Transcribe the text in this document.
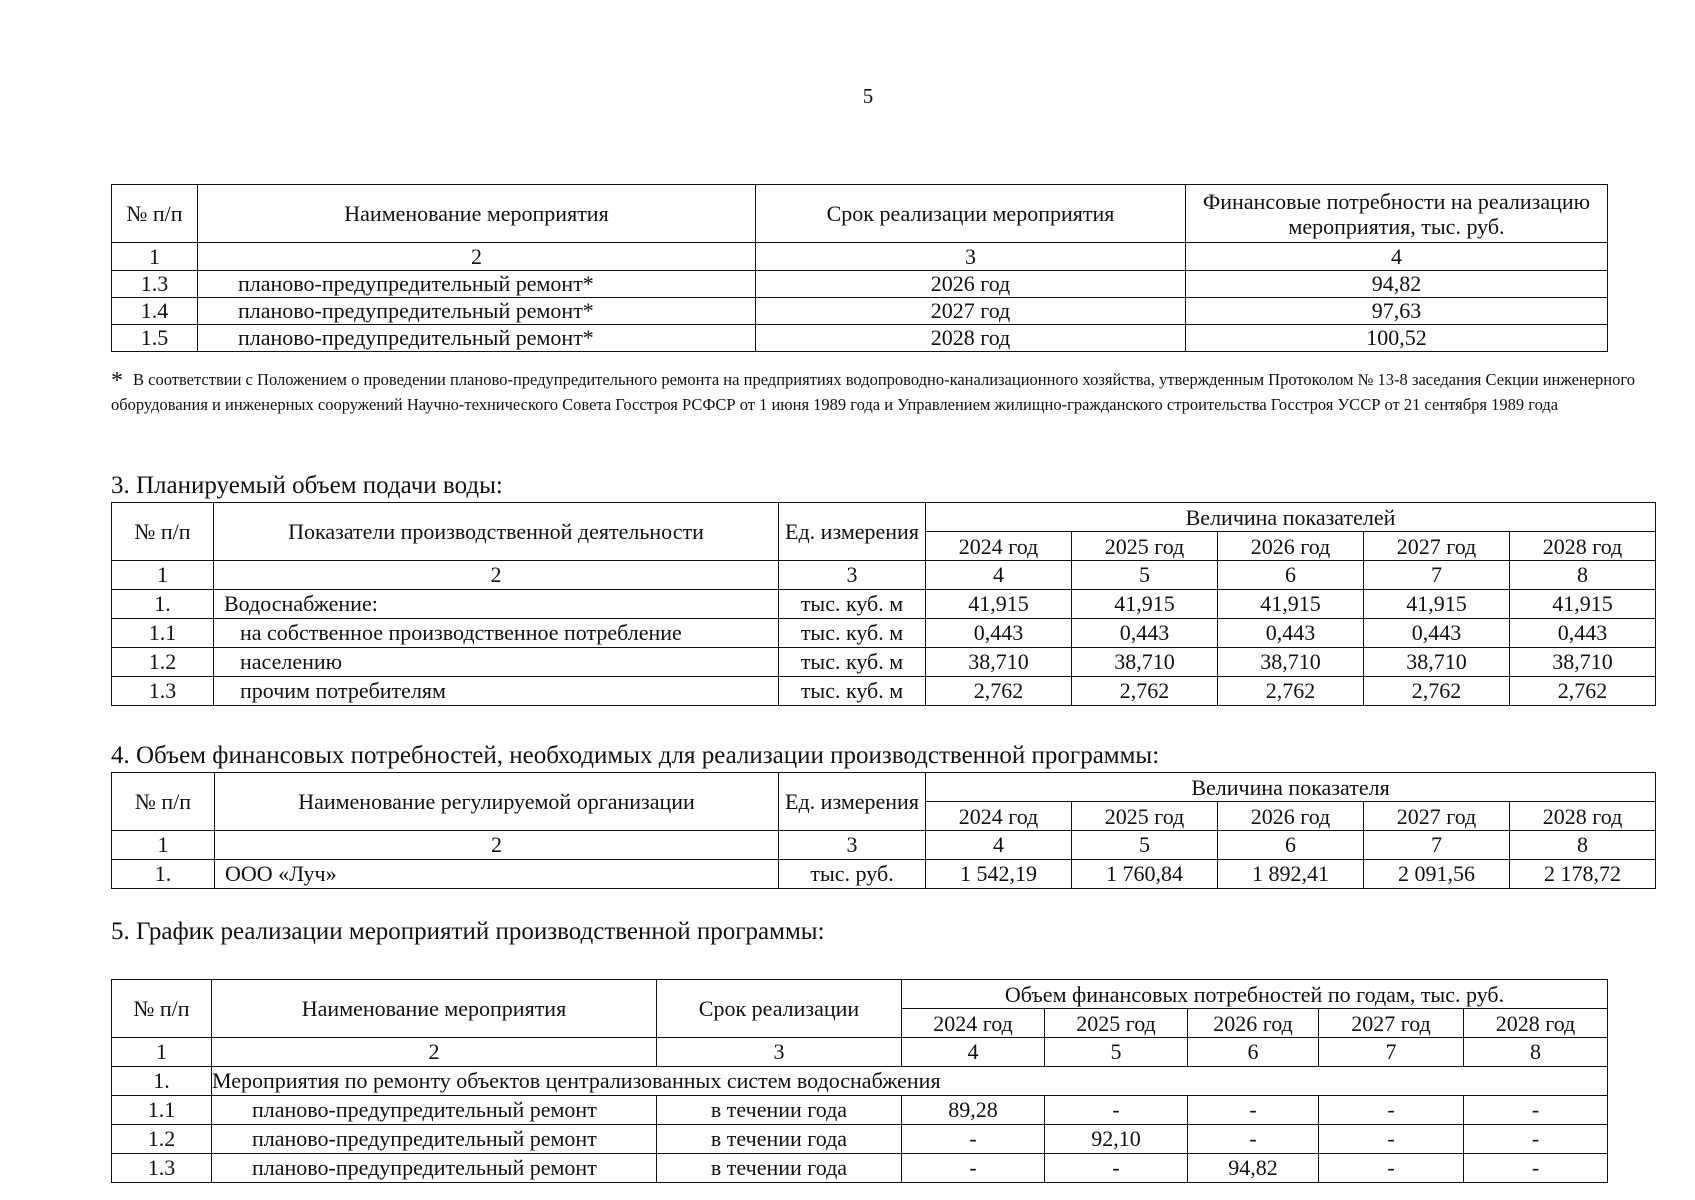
5
№ п/п	Наименование мероприятия	Срок реализации мероприятия	Финансовые потребности на реализацию мероприятия, тыс. руб.
1	2	3	4
1.3	планово-предупредительный ремонт*	2026 год	94,82
1.4	планово-предупредительный ремонт*	2027 год	97,63
1.5	планово-предупредительный ремонт*	2028 год	100,52
* В соответствии с Положением о проведении планово-предупредительного ремонта на предприятиях водопроводно-канализационного хозяйства, утвержденным Протоколом № 13-8 заседания Секции инженерного оборудования и инженерных сооружений Научно-технического Совета Госстроя РСФСР от 1 июня 1989 года и Управлением жилищно-гражданского строительства Госстроя УССР от 21 сентября 1989 года
3. Планируемый объем подачи воды:
№ п/п	Показатели производственной деятельности	Ед. измерения	Величина показателей				
			2024 год	2025 год	2026 год	2027 год	2028 год
1	2	3	4	5	6	7	8
1.	Водоснабжение:	тыс. куб. м	41,915	41,915	41,915	41,915	41,915
1.1	на собственное производственное потребление	тыс. куб. м	0,443	0,443	0,443	0,443	0,443
1.2	населению	тыс. куб. м	38,710	38,710	38,710	38,710	38,710
1.3	прочим потребителям	тыс. куб. м	2,762	2,762	2,762	2,762	2,762
4. Объем финансовых потребностей, необходимых для реализации производственной программы:
№ п/п	Наименование регулируемой организации	Ед. измерения	Величина показателя				
			2024 год	2025 год	2026 год	2027 год	2028 год
1	2	3	4	5	6	7	8
1.	ООО «Луч»	тыс. руб.	1 542,19	1 760,84	1 892,41	2 091,56	2 178,72
5. График реализации мероприятий производственной программы:
№ п/п	Наименование мероприятия	Срок реализации	Объем финансовых потребностей по годам, тыс. руб.				
			2024 год	2025 год	2026 год	2027 год	2028 год
1	2	3	4	5	6	7	8
1.	Мероприятия по ремонту объектов централизованных систем водоснабжения						
1.1	планово-предупредительный ремонт	в течении года	89,28	-	-	-	-
1.2	планово-предупредительный ремонт	в течении года	-	92,10	-	-	-
1.3	планово-предупредительный ремонт	в течении года	-	-	94,82	-	-
